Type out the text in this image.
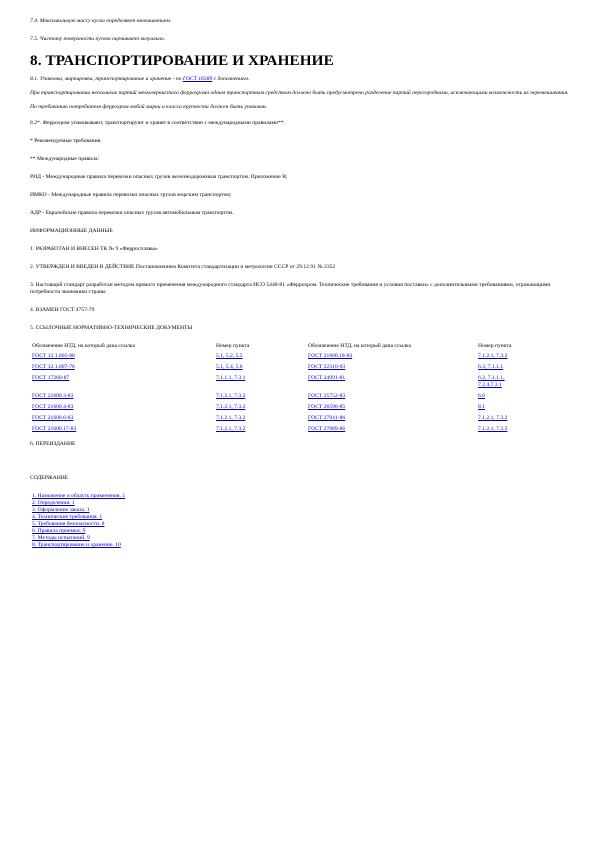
7.4. Максимальную массу куска определяют взвешиванием.

7.5. Чистоту поверхности кусков оценивают визуально.

8. ТРАНСПОРТИРОВАНИЕ И ХРАНЕНИЕ

8.1. Упаковка, маркировка, транспортирование и хранение - по ГОСТ 16589 с дополнением.

При транспортировании нескольких партий мелкозернистого феррохрома одним транспортным средством должно быть предусмотрено разделение партий перегородками, исключающими возможность их перемешивания.

По требованию потребителя феррохром любой марки и класса крупности должен быть упакован.

8.2*. Феррохром упаковывают, транспортируют и хранят в соответствии с международными правилами**.

* Рекомендуемые требования.

** Международные правила:

РИД - Международные правила перевозки опасных грузов железнодорожным транспортом. Приложение В;

ИМКО - Международные правила перевозки опасных грузов морским транспортом;

АДР - Европейские правила перевозки опасных грузов автомобильным транспортом.

ИНФОРМАЦИОННЫЕ ДАННЫЕ

1. РАЗРАБОТАН И ВНЕСЕН ТК № 9 «Ферросплавы»

2. УТВЕРЖДЕН И ВВЕДЕН В ДЕЙСТВИЕ Постановлением Комитета стандартизации и метрологии СССР от 29.12.91 № 2352

3. Настоящий стандарт разработан методом прямого применения международного стандарта ИСО 5448-81 «Феррохром. Технические требования и условия поставки» с дополнительными требованиями, отражающими потребности экономики страны

4. ВЗАМЕН ГОСТ 4757-79

5. ССЫЛОЧНЫЕ НОРМАТИВНО-ТЕХНИЧЕСКИЕ ДОКУМЕНТЫ

Обозначение НТД, на который дана ссылка	Номер пункта	Обозначение НТД, на который дана ссылка	Номер пункта
ГОСТ 12.1.005-88	5.1, 5.2, 5.5	ГОСТ 21600.18-83	7.1.2.1, 7.3.2
ГОСТ 12.1.007-76	5.1, 5.4, 5.6	ГОСТ 22310-93	6.3, 7.1.1.1
ГОСТ 17260-87	7.1.1.1, 7.3.1	ГОСТ 24991-81	6.2, 7.1.1.1,
7.2.4.7.3.1
ГОСТ 21600.3-83	7.1.2.1, 7.3.2	ГОСТ 25752-83	6.6
ГОСТ 21600.4-83	7.1.2.1, 7.3.2	ГОСТ 26590-85	8.1
ГОСТ 21600.6-83	7.1.2.1, 7.3.2	ГОСТ 27041-86	7.1.2.1, 7.3.2
ГОСТ 21600.17-83	7.1.2.1, 7.3.2	ГОСТ 27089-86	7.1.2.1, 7.3.2

6. ПЕРЕИЗДАНИЕ

СОДЕРЖАНИЕ

1. Назначение и область применения. 1
2. Определения. 1
3. Оформление заказа. 1
4. Технические требования. 1
5. Требования безопасности. 8
6. Правила приемки. 9
7. Методы испытаний. 9
8. Транспортирование и хранение. 10
